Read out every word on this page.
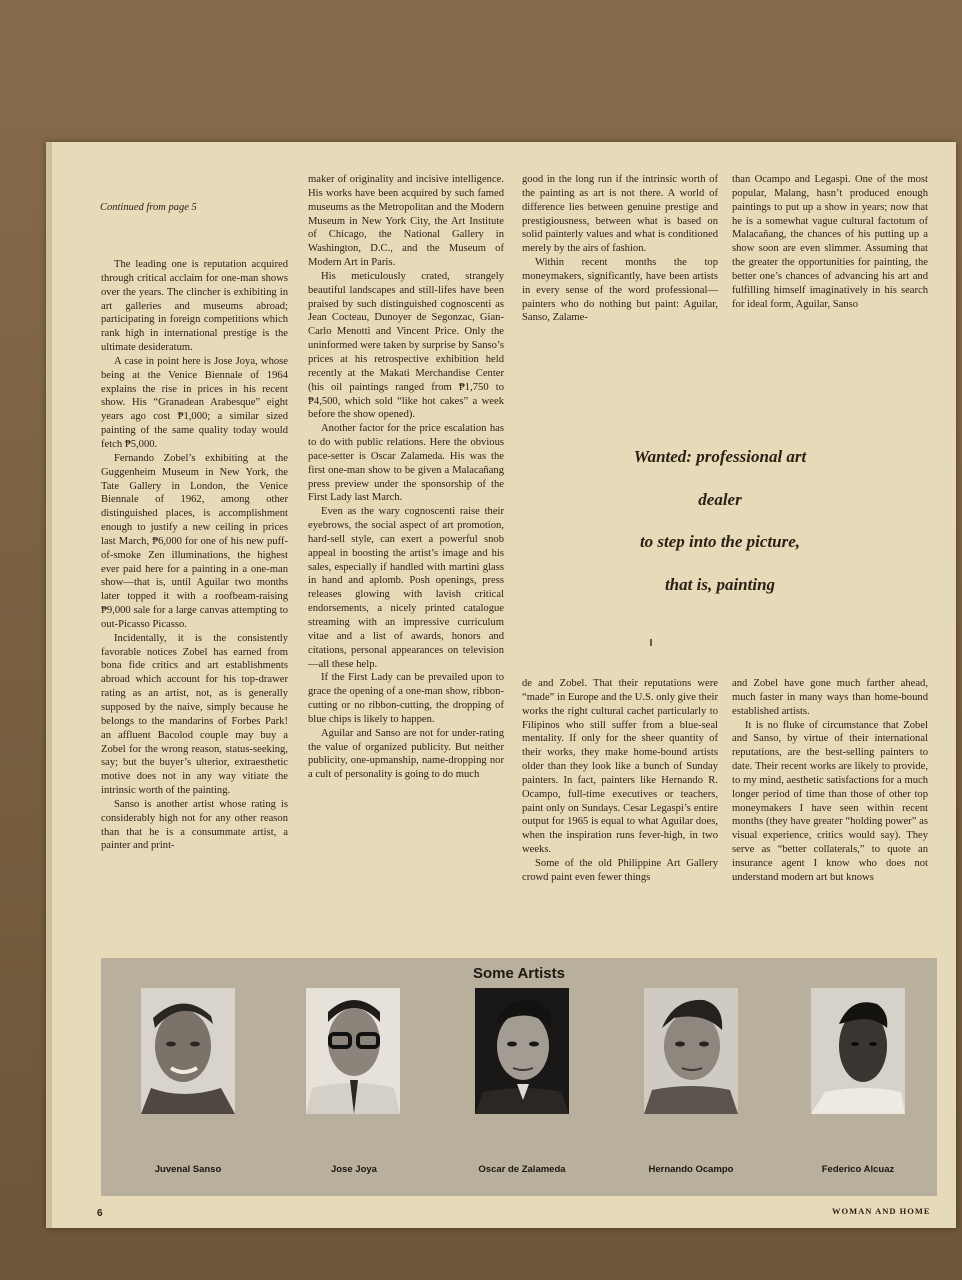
Continued from page 5

The leading one is reputation acquired through critical acclaim for one-man shows over the years. The clincher is exhibiting in art galleries and museums abroad; participating in foreign competitions which rank high in international prestige is the ultimate desideratum.

A case in point here is Jose Joya, whose being at the Venice Biennale of 1964 explains the rise in prices in his recent show. His “Granadean Arabesque” eight years ago cost ₱1,000; a similar sized painting of the same quality today would fetch ₱5,000.

Fernando Zobel’s exhibiting at the Guggenheim Museum in New York, the Tate Gallery in London, the Venice Biennale of 1962, among other distinguished places, is accomplishment enough to justify a new ceiling in prices last March, ₱6,000 for one of his new puff-of-smoke Zen illuminations, the highest ever paid here for a painting in a one-man show—that is, until Aguilar two months later topped it with a roofbeam-raising ₱9,000 sale for a large canvas attempting to out-Picasso Picasso.

Incidentally, it is the consistently favorable notices Zobel has earned from bona fide critics and art establishments abroad which account for his top-drawer rating as an artist, not, as is generally supposed by the naive, simply because he belongs to the mandarins of Forbes Park! an affluent Bacolod couple may buy a Zobel for the wrong reason, status-seeking, say; but the buyer’s ulterior, extraesthetic motive does not in any way vitiate the intrinsic worth of the painting.

Sanso is another artist whose rating is considerably high not for any other reason than that he is a consummate artist, a painter and print-

maker of originality and incisive intelligence. His works have been acquired by such famed museums as the Metropolitan and the Modern Museum in New York City, the Art Institute of Chicago, the National Gallery in Washington, D.C., and the Museum of Modern Art in Paris.

His meticulously crated, strangely beautiful landscapes and still-lifes have been praised by such distinguished cognoscenti as Jean Cocteau, Dunoyer de Segonzac, Gian-Carlo Menotti and Vincent Price. Only the uninformed were taken by surprise by Sanso’s prices at his retrospective exhibition held recently at the Makati Merchandise Center (his oil paintings ranged from ₱1,750 to ₱4,500, which sold “like hot cakes” a week before the show opened).

Another factor for the price escalation has to do with public relations. Here the obvious pace-setter is Oscar Zalameda. His was the first one-man show to be given a Malacañang press preview under the sponsorship of the First Lady last March.

Even as the wary cognoscenti raise their eyebrows, the social aspect of art promotion, hard-sell style, can exert a powerful snob appeal in boosting the artist’s image and his sales, especially if handled with martini glass in hand and aplomb. Posh openings, press releases glowing with lavish critical endorsements, a nicely printed catalogue streaming with an impressive curriculum vitae and a list of awards, honors and citations, personal appearances on television—all these help.

If the First Lady can be prevailed upon to grace the opening of a one-man show, ribbon-cutting or no ribbon-cutting, the dropping of blue chips is likely to happen.

Aguilar and Sanso are not for under-rating the value of organized publicity. But neither publicity, one-upmanship, name-dropping nor a cult of personality is going to do much

good in the long run if the intrinsic worth of the painting as art is not there. A world of difference lies between genuine prestige and prestigiousness, between what is based on solid painterly values and what is conditioned merely by the airs of fashion.

Within recent months the top moneymakers, significantly, have been artists in every sense of the word professional—painters who do nothing but paint: Aguilar, Sanso, Zalame-

than Ocampo and Legaspi. One of the most popular, Malang, hasn’t produced enough paintings to put up a show in years; now that he is a somewhat vague cultural factotum of Malacañang, the chances of his putting up a show soon are even slimmer. Assuming that the greater the opportunities for painting, the better one’s chances of advancing his art and fulfilling himself imaginatively in his search for ideal form, Aguilar, Sanso

Wanted: professional art
dealer
to step into the picture,
that is, painting

de and Zobel. That their reputations were “made” in Europe and the U.S. only give their works the right cultural cachet particularly to Filipinos who still suffer from a blue-seal mentality. If only for the sheer quantity of their works, they make home-bound artists older than they look like a bunch of Sunday painters. In fact, painters like Hernando R. Ocampo, full-time executives or teachers, paint only on Sundays. Cesar Legaspi’s entire output for 1965 is equal to what Aguilar does, when the inspiration runs fever-high, in two weeks.

Some of the old Philippine Art Gallery crowd paint even fewer things

and Zobel have gone much farther ahead, much faster in many ways than home-bound established artists.

It is no fluke of circumstance that Zobel and Sanso, by virtue of their international reputations, are the best-selling painters to date. Their recent works are likely to provide, to my mind, aesthetic satisfactions for a much longer period of time than those of other top moneymakers I have seen within recent months (they have greater “holding power” as visual experience, critics would say). They serve as “better collaterals,” to quote an insurance agent I know who does not understand modern art but knows

Some Artists
Juvenal Sanso	Jose Joya	Oscar de Zalameda	Hernando Ocampo	Federico Alcuaz
6	WOMAN AND HOME
